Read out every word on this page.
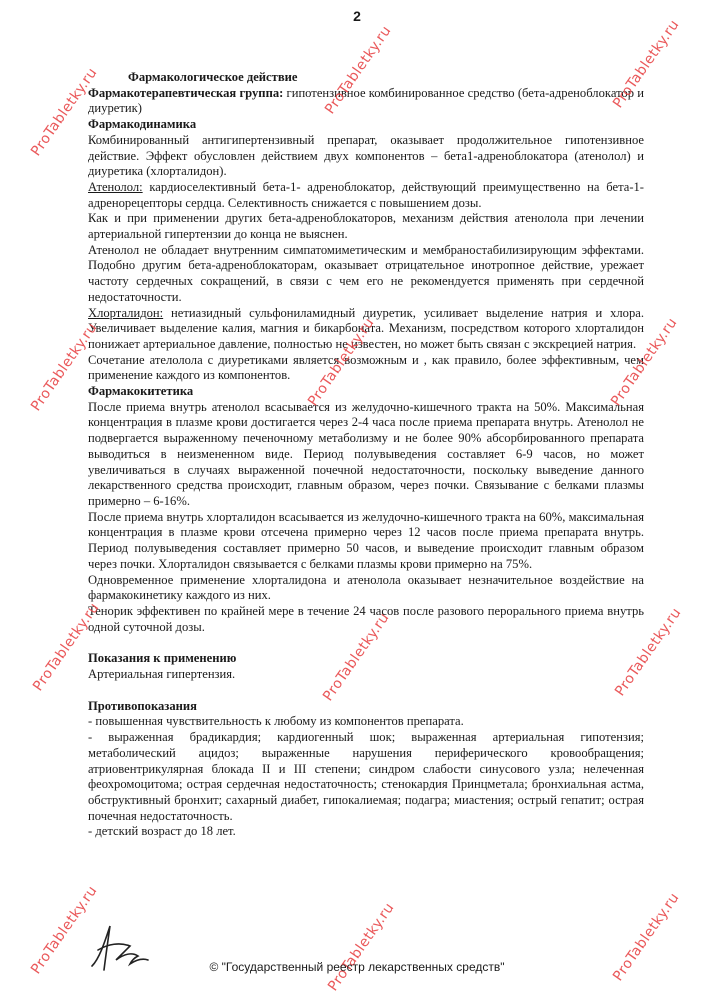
2

Фармакологическое действие

Фармакотерапевтическая группа: гипотензивное комбинированное средство (бета-адреноблокатор и диуретик)

Фармакодинамика

Комбинированный антигипертензивный препарат, оказывает продолжительное гипотензивное действие. Эффект обусловлен действием двух компонентов – бета1-адреноблокатора (атенолол) и диуретика (хлорталидон).

Атенолол: кардиоселективный бета-1- адреноблокатор, действующий преимущественно на бета-1-адренорецепторы сердца. Селективность снижается с повышением дозы.

Как и при применении других бета-адреноблокаторов, механизм действия атенолола при лечении артериальной гипертензии до конца не выяснен.

Атенолол не обладает внутренним симпатомиметическим и мембраностабилизирующим эффектами. Подобно другим бета-адреноблокаторам, оказывает отрицательное инотропное действие, урежает частоту сердечных сокращений, в связи с чем его не рекомендуется применять при сердечной недостаточности.

Хлорталидон: нетиазидный сульфониламидный диуретик, усиливает выделение натрия и хлора. Увеличивает выделение калия, магния и бикарбоната. Механизм, посредством которого хлорталидон понижает артериальное давление, полностью не известен, но может быть связан с экскрецией натрия.

Сочетание ателолола с диуретиками является возможным и , как правило, более эффективным, чем применение каждого из компонентов.

Фармакокитетика

После приема внутрь атенолол всасывается из желудочно-кишечного тракта на 50%. Максимальная концентрация в плазме крови достигается через 2-4 часа после приема препарата внутрь. Атенолол не подвергается выраженному печеночному метаболизму и не более 90% абсорбированного препарата выводиться в неизмененном виде. Период полувыведения составляет 6-9 часов, но может увеличиваться в случаях выраженной почечной недостаточности, поскольку выведение данного лекарственного средства происходит, главным образом, через почки. Связывание с белками плазмы примерно – 6-16%.

После приема внутрь хлорталидон всасывается из желудочно-кишечного тракта на 60%, максимальная концентрация в плазме крови отсечена примерно через 12 часов после приема препарата внутрь. Период полувыведения составляет примерно 50 часов, и выведение происходит главным образом через почки. Хлорталидон связывается с белками плазмы крови примерно на 75%.

Одновременное применение хлорталидона и атенолола оказывает незначительное воздействие на фармакокинетику каждого из них.

Тенорик эффективен по крайней мере в течение 24 часов после разового перорального приема внутрь одной суточной дозы.

Показания к применению

Артериальная гипертензия.

Противопоказания

- повышенная чувствительность к любому из компонентов препарата.

- выраженная брадикардия; кардиогенный шок; выраженная артериальная гипотензия; метаболический ацидоз; выраженные нарушения периферического кровообращения; атриовентрикулярная блокада II и III степени; синдром слабости синусового узла; нелеченная феохромоцитома; острая сердечная недостаточность; стенокардия Принцметала; бронхиальная астма, обструктивный бронхит; сахарный диабет, гипокалиемая; подагра; миастения; острый гепатит; острая почечная недостаточность.

- детский возраст до 18 лет.

ProTabletky.ru	ProTabletky.ru	ProTabletky.ru
ProTabletky.ru	ProTabletky.ru	ProTabletky.ru
ProTabletky.ru	ProTabletky.ru	ProTabletky.ru
ProTabletky.ru	ProTabletky.ru	ProTabletky.ru
© "Государственный реестр лекарственных средств"
